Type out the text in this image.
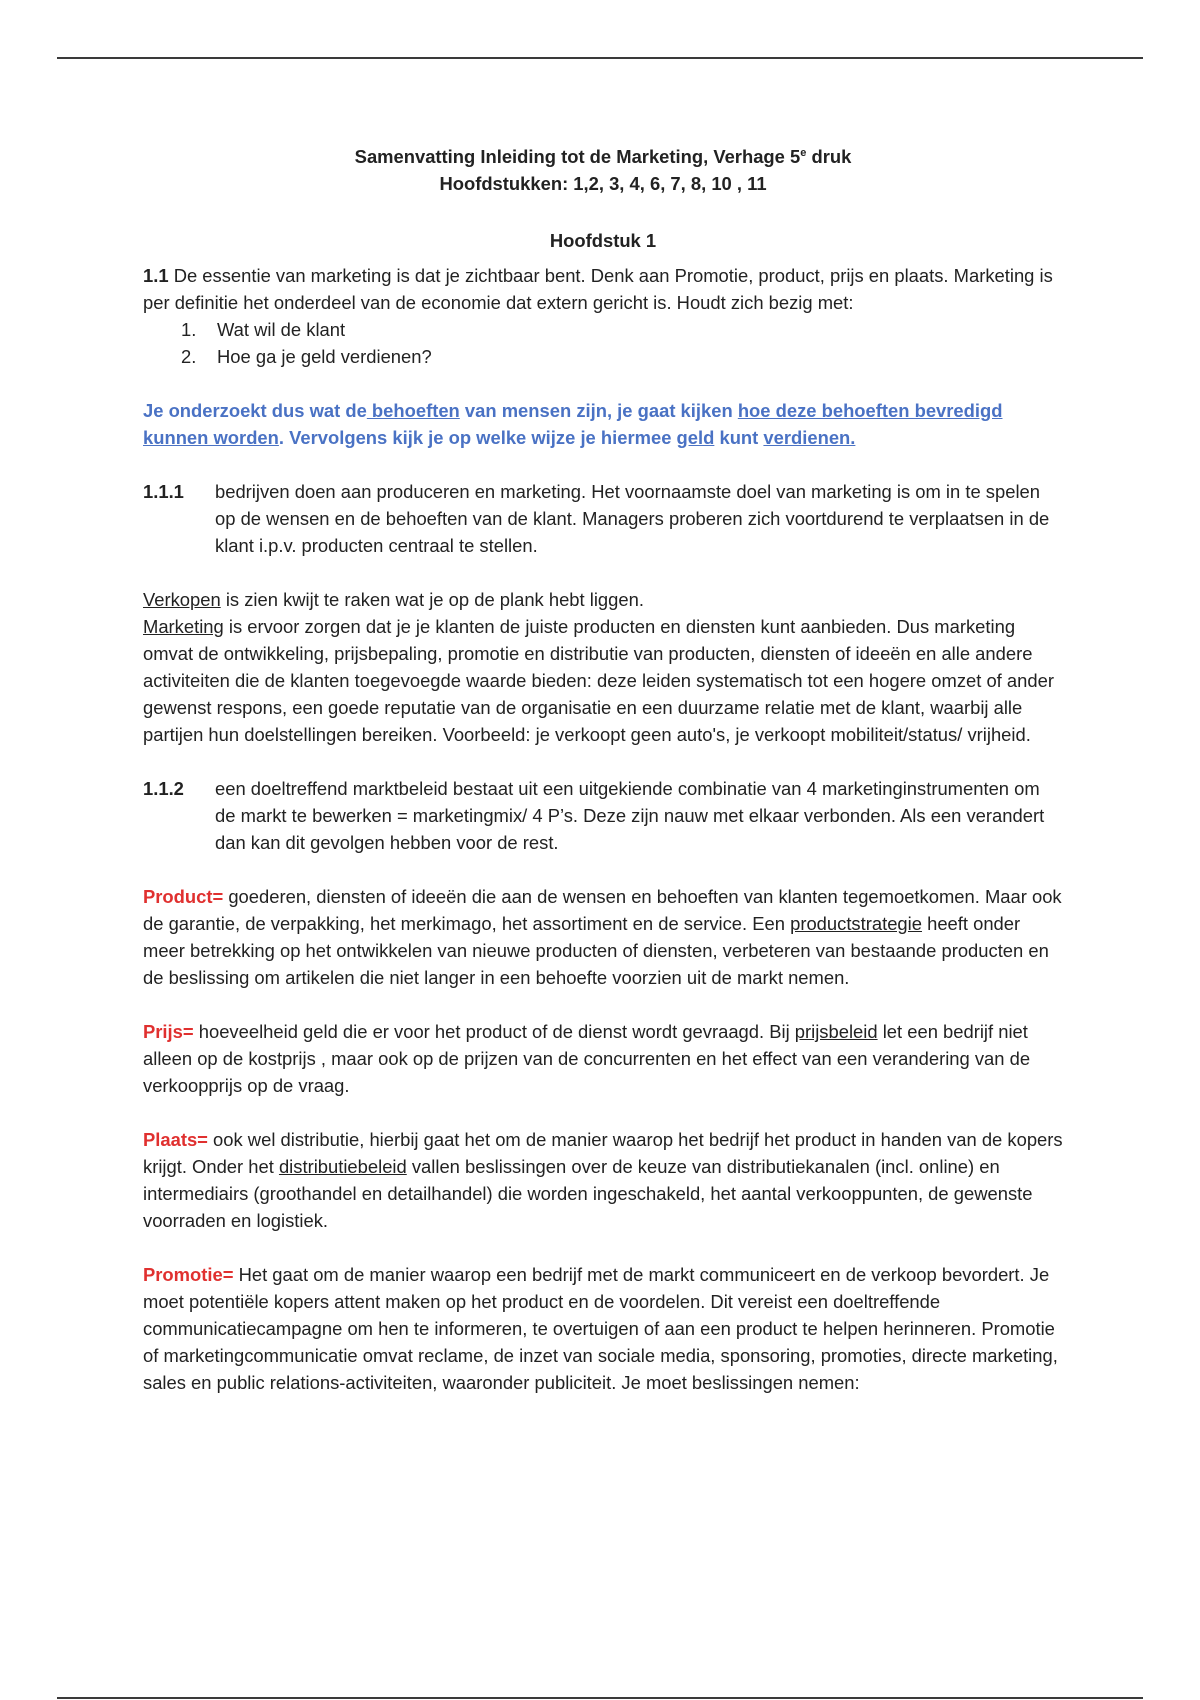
Samenvatting Inleiding tot de Marketing, Verhage 5e druk
Hoofdstukken: 1,2, 3, 4, 6, 7, 8, 10 , 11
Hoofdstuk 1

1.1 De essentie van marketing is dat je zichtbaar bent. Denk aan Promotie, product, prijs en plaats. Marketing is per definitie het onderdeel van de economie dat extern gericht is. Houdt zich bezig met:

1.	Wat wil de klant
2.	Hoe ga je geld verdienen?

Je onderzoekt dus wat de behoeften van mensen zijn, je gaat kijken hoe deze behoeften bevredigd kunnen worden. Vervolgens kijk je op welke wijze je hiermee geld kunt verdienen.

1.1.1	bedrijven doen aan produceren en marketing. Het voornaamste doel van marketing is om in te spelen op de wensen en de behoeften van de klant. Managers proberen zich voortdurend te verplaatsen in de klant i.p.v. producten centraal te stellen.

Verkopen is zien kwijt te raken wat je op de plank hebt liggen.

Marketing is ervoor zorgen dat je je klanten de juiste producten en diensten kunt aanbieden. Dus marketing omvat de ontwikkeling, prijsbepaling, promotie en distributie van producten, diensten of ideeën en alle andere activiteiten die de klanten toegevoegde waarde bieden: deze leiden systematisch tot een hogere omzet of ander gewenst respons, een goede reputatie van de organisatie en een duurzame relatie met de klant, waarbij alle partijen hun doelstellingen bereiken. Voorbeeld: je verkoopt geen auto's, je verkoopt mobiliteit/status/ vrijheid.

1.1.2	een doeltreffend marktbeleid bestaat uit een uitgekiende combinatie van 4 marketinginstrumenten om de markt te bewerken = marketingmix/ 4 P’s. Deze zijn nauw met elkaar verbonden. Als een verandert dan kan dit gevolgen hebben voor de rest.

Product= goederen, diensten of ideeën die aan de wensen en behoeften van klanten tegemoetkomen. Maar ook de garantie, de verpakking, het merkimago, het assortiment en de service. Een productstrategie heeft onder meer betrekking op het ontwikkelen van nieuwe producten of diensten, verbeteren van bestaande producten en de beslissing om artikelen die niet langer in een behoefte voorzien uit de markt nemen.

Prijs= hoeveelheid geld die er voor het product of de dienst wordt gevraagd. Bij prijsbeleid let een bedrijf niet alleen op de kostprijs , maar ook op de prijzen van de concurrenten en het effect van een verandering van de verkoopprijs op de vraag.

Plaats= ook wel distributie, hierbij gaat het om de manier waarop het bedrijf het product in handen van de kopers krijgt. Onder het distributiebeleid vallen beslissingen over de keuze van distributiekanalen (incl. online) en intermediairs (groothandel en detailhandel) die worden ingeschakeld, het aantal verkooppunten, de gewenste voorraden en logistiek.

Promotie= Het gaat om de manier waarop een bedrijf met de markt communiceert en de verkoop bevordert. Je moet potentiële kopers attent maken op het product en de voordelen. Dit vereist een doeltreffende communicatiecampagne om hen te informeren, te overtuigen of aan een product te helpen herinneren. Promotie of marketingcommunicatie omvat reclame, de inzet van sociale media, sponsoring, promoties, directe marketing, sales en public relations-activiteiten, waaronder publiciteit. Je moet beslissingen nemen:
